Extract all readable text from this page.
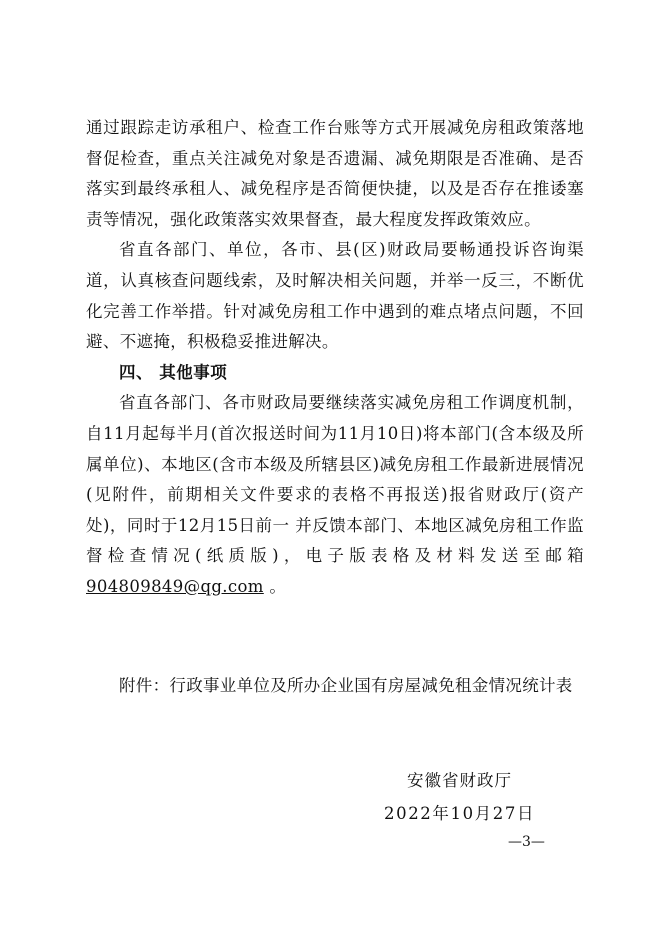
通过跟踪走访承租户、检查工作台账等方式开展减免房租政策落地督促检查，重点关注减免对象是否遗漏、减免期限是否准确、是否落实到最终承租人、减免程序是否简便快捷，以及是否存在推诿塞责等情况，强化政策落实效果督查，最大程度发挥政策效应。

省直各部门、单位，各市、县(区)财政局要畅通投诉咨询渠道，认真核查问题线索，及时解决相关问题，并举一反三，不断优化完善工作举措。针对减免房租工作中遇到的难点堵点问题，不回避、不遮掩，积极稳妥推进解决。

四、 其他事项

省直各部门、各市财政局要继续落实减免房租工作调度机制，自11月起每半月(首次报送时间为11月10日)将本部门(含本级及所属单位)、本地区(含市本级及所辖县区)减免房租工作最新进展情况(见附件，前期相关文件要求的表格不再报送)报省财政厅(资产处)，同时于12月15日前一 并反馈本部门、本地区减免房租工作监督检查情况(纸质版)，电子版表格及材料发送至邮箱904809849@qg.com 。

附件：行政事业单位及所办企业国有房屋减免租金情况统计表
安徽省财政厅
2022年10月27日
—3—
